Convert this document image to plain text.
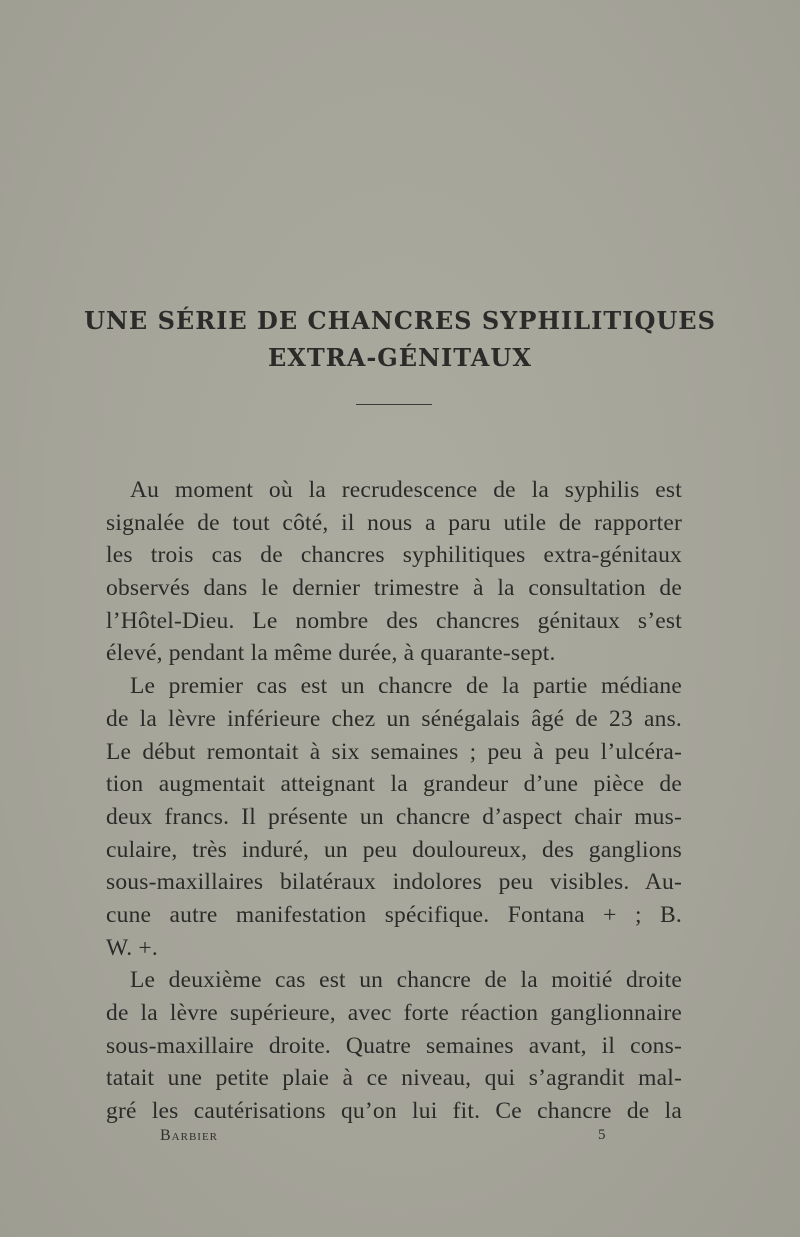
UNE SÉRIE DE CHANCRES SYPHILITIQUES
EXTRA-GÉNITAUX
Au moment où la recrudescence de la syphilis est
signalée de tout côté, il nous a paru utile de rapporter
les trois cas de chancres syphilitiques extra-génitaux
observés dans le dernier trimestre à la consultation de
l’Hôtel-Dieu. Le nombre des chancres génitaux s’est
élevé, pendant la même durée, à quarante-sept.
Le premier cas est un chancre de la partie médiane
de la lèvre inférieure chez un sénégalais âgé de 23 ans.
Le début remontait à six semaines ; peu à peu l’ulcéra-
tion augmentait atteignant la grandeur d’une pièce de
deux francs. Il présente un chancre d’aspect chair mus-
culaire, très induré, un peu douloureux, des ganglions
sous-maxillaires bilatéraux indolores peu visibles. Au-
cune autre manifestation spécifique. Fontana + ; B.
W. +.
Le deuxième cas est un chancre de la moitié droite
de la lèvre supérieure, avec forte réaction ganglionnaire
sous-maxillaire droite. Quatre semaines avant, il cons-
tatait une petite plaie à ce niveau, qui s’agrandit mal-
gré les cautérisations qu’on lui fit. Ce chancre de la
Barbier	5
